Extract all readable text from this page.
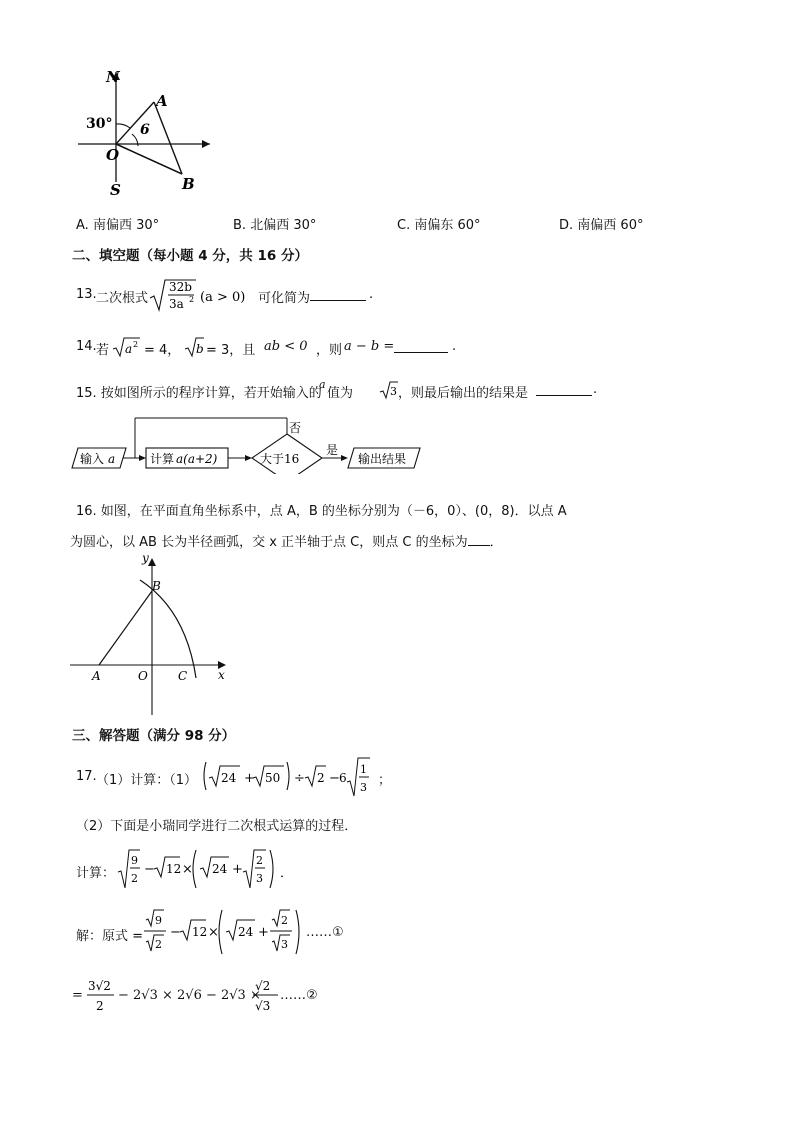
N
S
O
A
B
30° 6
A. 南偏西 30°	B. 北偏西 30°	C. 南偏东 60°	D. 南偏西 60°
二、填空题（每小题 4 分，共 16 分）
13. 二次根式
32b
3a 2 (a > 0) 可化简为	.
14. 若 a 2 = 4， b = 3，且 ab < 0 ，则 a − b =	.
15. 按如图所示的程序计算，若开始输入的
a
值为	3 ，则最后输出的结果是	.
输入 a	计算 a(a+2)	大于16
否
是
输出结果
16. 如图，在平面直角坐标系中，点 A，B 的坐标分别为（－6，0）、(0，8)．以点 A
为圆心，以 AB 长为半径画弧，交 x 正半轴于点 C，则点 C 的坐标为 ．
y
x
A	O
B
C
三、解答题（满分 98 分）
17. （1）计算：（1） 24 + 50 ÷ 2 − 6
1
3 ；
（2）下面是小瑞同学进行二次根式运算的过程．
计算：
9
2
− 12 × 24 +
2
3 ．
解：原式 =
9
2
− 12 × 24 +
2
3
……①
=
3√2
2
− 2√3 × 2√6 − 2√3 ×
√2
√3
……②
